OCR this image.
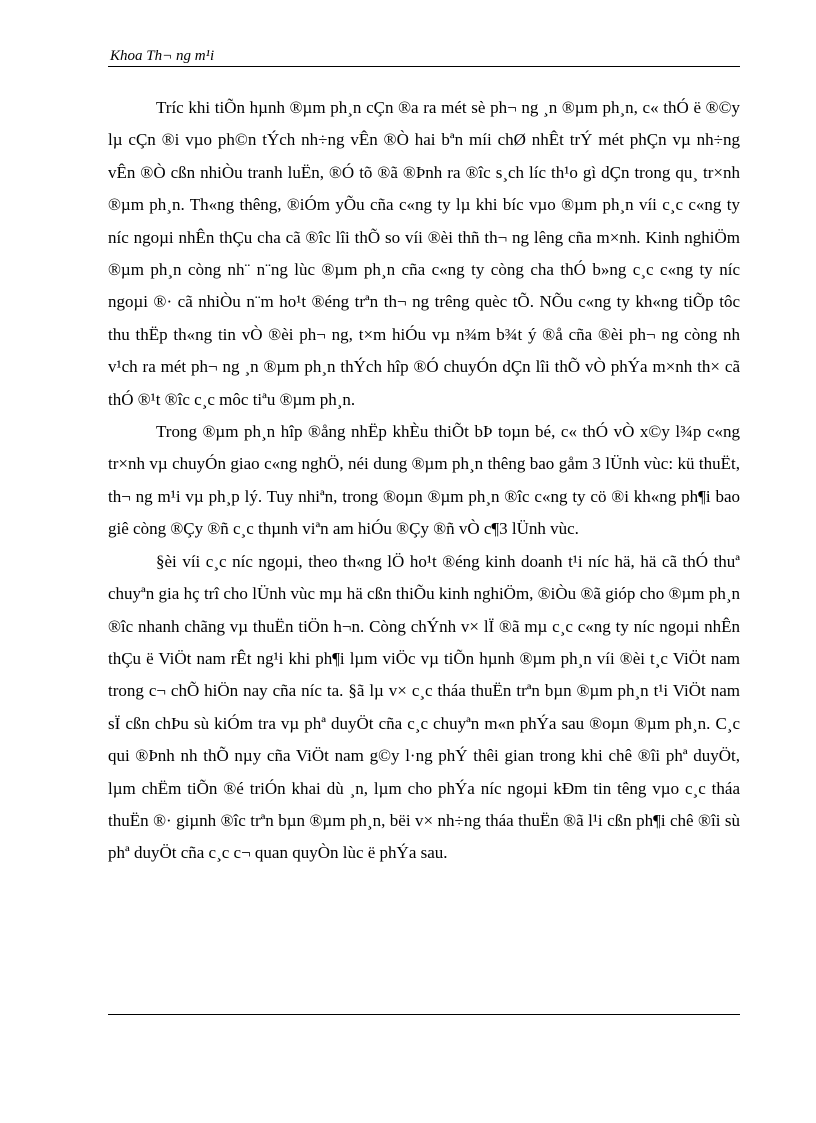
Khoa Th¬ ng m¹i

Tríc khi tiÕn hµnh ®µm ph¸n cÇn ®a ra mét sè ph¬ ng ¸n ®µm ph¸n, c« thÓ ë ®©y lµ cÇn ®i vµo ph©n tÝch nh÷ng vÊn ®Ò hai bªn míi chØ nhÊt trÝ mét phÇn vµ nh÷ng vÊn ®Ò cßn nhiÒu tranh luËn, ®Ó tõ ®ã ®Þnh ra ®îc s¸ch líc th¹o gì dÇn trong qu¸ tr×nh ®µm ph¸n. Th«ng thêng, ®iÓm yÕu cña c«ng ty lµ khi bíc vµo ®µm ph¸n víi c¸c c«ng ty níc ngoµi nhÊn thÇu cha cã ®îc lîi thÕ so víi ®èi thñ th¬ ng lêng cña m×nh. Kinh nghiÖm ®µm ph¸n còng nh¨ n¨ng lùc ®µm ph¸n cña c«ng ty còng cha thÓ b»ng c¸c c«ng ty níc ngoµi ®· cã nhiÒu n¨m ho¹t ®éng trªn th¬ ng trêng quèc tÕ. NÕu c«ng ty kh«ng tiÕp tôc thu thËp th«ng tin vÒ ®èi ph¬ ng, t×m hiÓu vµ n¾m b¾t ý ®å cña ®èi ph¬ ng còng nh v¹ch ra mét ph¬ ng ¸n ®µm ph¸n thÝch hîp ®Ó chuyÓn dÇn lîi thÕ vÒ phÝa m×nh th× cã thÓ ®¹t ®îc c¸c môc tiªu ®µm ph¸n.

Trong ®µm ph¸n hîp ®ång nhËp khÈu thiÕt bÞ toµn bé, c« thÓ vÒ x©y l¾p c«ng tr×nh vµ chuyÓn giao c«ng nghÖ, néi dung ®µm ph¸n thêng bao gåm 3 lÜnh vùc: kü thuËt, th¬ ng m¹i vµ ph¸p lý. Tuy nhiªn, trong ®oµn ®µm ph¸n ®îc c«ng ty cö ®i kh«ng ph¶i bao giê còng ®Çy ®ñ c¸c thµnh viªn am hiÓu ®Çy ®ñ vÒ c¶3 lÜnh vùc.

§èi víi c¸c níc ngoµi, theo th«ng lÖ ho¹t ®éng kinh doanh t¹i níc hä, hä cã thÓ thuª chuyªn gia hç trî cho lÜnh vùc mµ hä cßn thiÕu kinh nghiÖm, ®iÒu ®ã gióp cho ®µm ph¸n ®îc nhanh chãng vµ thuËn tiÖn h¬n. Còng chÝnh v× lÏ ®ã mµ c¸c c«ng ty níc ngoµi nhÊn thÇu ë ViÖt nam rÊt ng¹i khi ph¶i lµm viÖc vµ tiÕn hµnh ®µm ph¸n víi ®èi t¸c ViÖt nam trong c¬ chÕ hiÖn nay cña níc ta. §ã lµ v× c¸c tháa thuËn trªn bµn ®µm ph¸n t¹i ViÖt nam sÏ cßn chÞu sù kiÓm tra vµ phª duyÖt cña c¸c chuyªn m«n phÝa sau ®oµn ®µm ph¸n. C¸c qui ®Þnh nh thÕ nµy cña ViÖt nam g©y l·ng phÝ thêi gian trong khi chê ®îi phª duyÖt, lµm chËm tiÕn ®é triÓn khai dù ¸n, lµm cho phÝa níc ngoµi kÐm tin têng vµo c¸c tháa thuËn ®· giµnh ®îc trªn bµn ®µm ph¸n, bëi v× nh÷ng tháa thuËn ®ã l¹i cßn ph¶i chê ®îi sù phª duyÖt cña c¸c c¬ quan quyÒn lùc ë phÝa sau.
